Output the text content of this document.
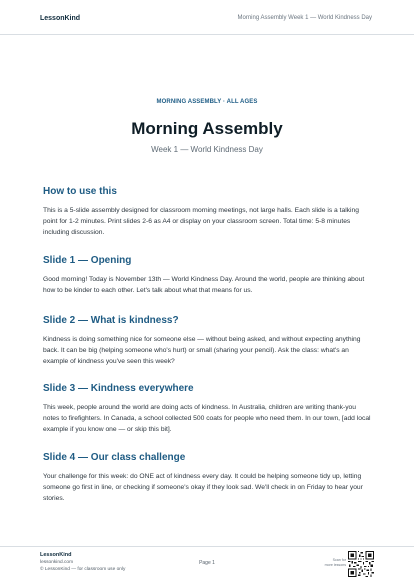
LessonKind	Morning Assembly Week 1 — World Kindness Day
MORNING ASSEMBLY · ALL AGES
Morning Assembly
Week 1 — World Kindness Day
How to use this

This is a 5-slide assembly designed for classroom morning meetings, not large halls. Each slide is a talking point for 1-2 minutes. Print slides 2-6 as A4 or display on your classroom screen. Total time: 5-8 minutes including discussion.

Slide 1 — Opening

Good morning! Today is November 13th — World Kindness Day. Around the world, people are thinking about how to be kinder to each other. Let's talk about what that means for us.

Slide 2 — What is kindness?

Kindness is doing something nice for someone else — without being asked, and without expecting anything back. It can be big (helping someone who's hurt) or small (sharing your pencil). Ask the class: what's an example of kindness you've seen this week?

Slide 3 — Kindness everywhere

This week, people around the world are doing acts of kindness. In Australia, children are writing thank-you notes to firefighters. In Canada, a school collected 500 coats for people who need them. In our town, [add local example if you know one — or skip this bit].

Slide 4 — Our class challenge

Your challenge for this week: do ONE act of kindness every day. It could be helping someone tidy up, letting someone go first in line, or checking if someone's okay if they look sad. We'll check in on Friday to hear your stories.

LessonKind
lessonkind.com
© LessonKind — for classroom use only
Page 1	Scan for
more lessons
